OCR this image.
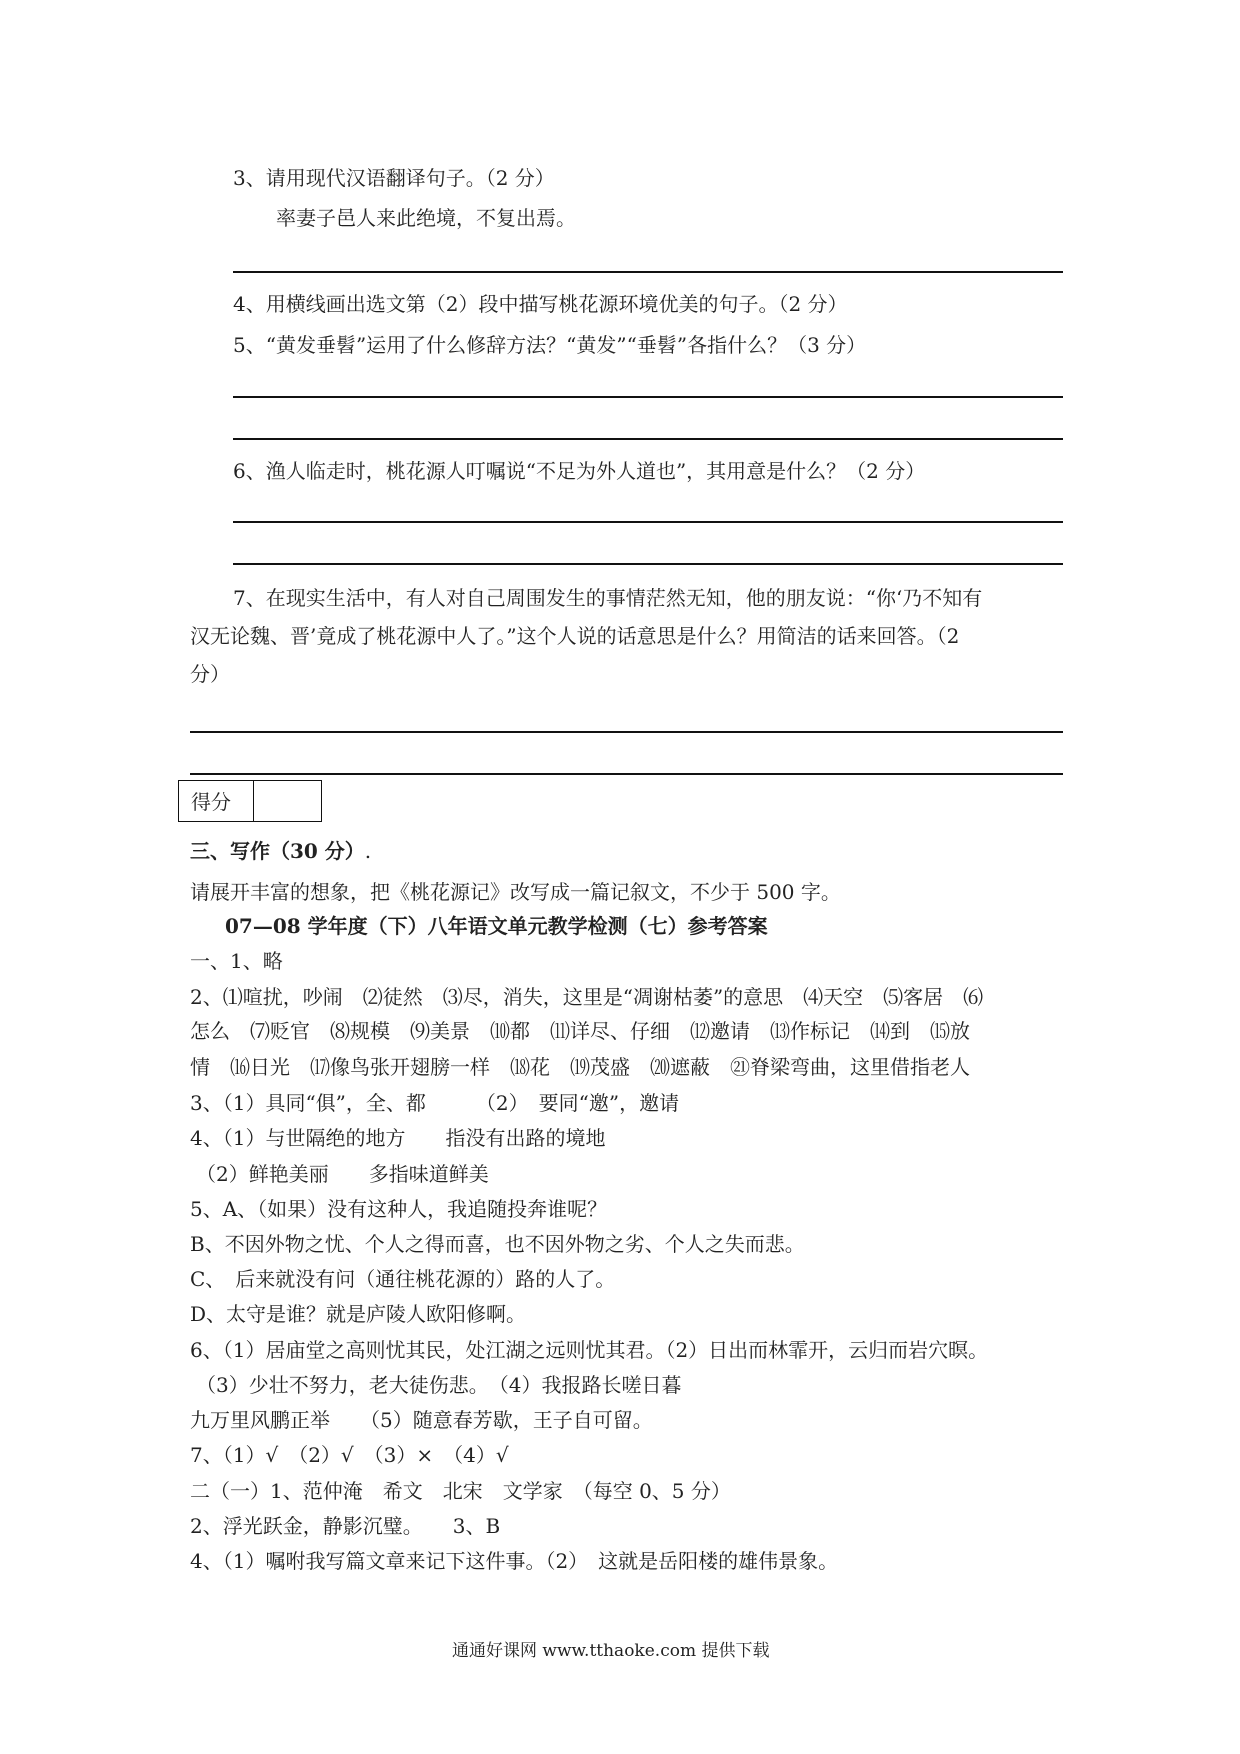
3、请用现代汉语翻译句子。（2 分）
率妻子邑人来此绝境，不复出焉。
4、用横线画出选文第（2）段中描写桃花源环境优美的句子。（2 分）
5、“黄发垂髫”运用了什么修辞方法？“黄发”“垂髫”各指什么？（3 分）
6、渔人临走时，桃花源人叮嘱说“不足为外人道也”，其用意是什么？（2 分）
7、在现实生活中，有人对自己周围发生的事情茫然无知，他的朋友说：“你‘乃不知有
汉无论魏、晋’竟成了桃花源中人了。”这个人说的话意思是什么？用简洁的话来回答。（2
分）
得分
三、写作（30 分）.
请展开丰富的想象，把《桃花源记》改写成一篇记叙文，不少于 500 字。
07—08 学年度（下）八年语文单元教学检测（七）参考答案
一、1、略
2、⑴喧扰，吵闹　⑵徒然　⑶尽，消失，这里是“凋谢枯萎”的意思　⑷天空　⑸客居　⑹
怎么　⑺贬官　⑻规模　⑼美景　⑽都　⑾详尽、仔细　⑿邀请　⒀作标记　⒁到　⒂放
情　⒃日光　⒄像鸟张开翅膀一样　⒅花　⒆茂盛　⒇遮蔽　㉑脊梁弯曲，这里借指老人
3、（1）具同“俱”，全、都　　　（2）　要同“邀”，邀请
4、（1）与世隔绝的地方　　指没有出路的境地
（2）鲜艳美丽　　多指味道鲜美
5、A、（如果）没有这种人，我追随投奔谁呢？
B、不因外物之忧、个人之得而喜，也不因外物之劣、个人之失而悲。
C、　后来就没有问（通往桃花源的）路的人了。
D、太守是谁？就是庐陵人欧阳修啊。
6、（1）居庙堂之高则忧其民，处江湖之远则忧其君。（2）日出而林霏开，云归而岩穴暝。
（3）少壮不努力，老大徒伤悲。　（4）我报路长嗟日暮
九万里风鹏正举　　（5）随意春芳歇，王子自可留。
7、（1）√　（2）√　（3）×　（4）√
二（一）1、范仲淹　希文　北宋　文学家　（每空 0、5 分）
2、浮光跃金，静影沉璧。　　3、B
4、（1）嘱咐我写篇文章来记下这件事。（2）　这就是岳阳楼的雄伟景象。
通通好课网 www.tthaoke.com 提供下载
